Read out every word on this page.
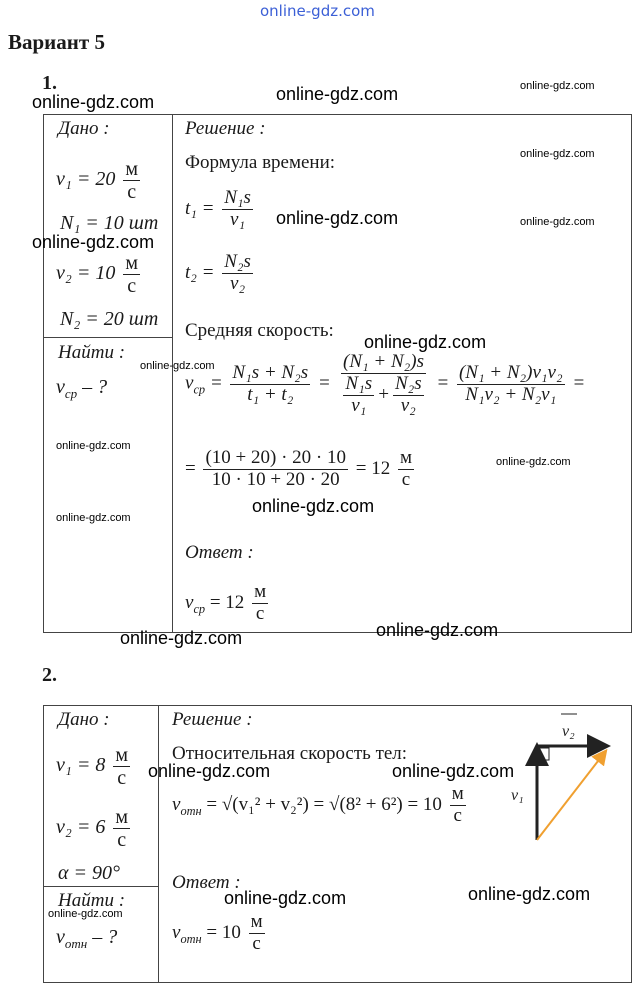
online-gdz.com
Вариант 5
1.
Дано :
$v_1 = 20 \frac{м}{с}$
N₁ = 10 шт
$v_2 = 10 \frac{м}{с}$
N₂ = 20 шт
Найти :
$v_{ср}$ – ?
Решение :
Формула времени:
$t_1 = \frac{\text{N₁s}}{\text{v₁}}$
$t_2 = \frac{\text{N₂s}}{\text{v₂}}$
Средняя скорость:
$v_{ср} = \frac{\text{N₁s + N₂s}}{\text{t₁ + t₂}} = \frac{\text{(N₁ + N₂)s}}{\frac{\text{N₁s}}{\text{v₁}} + \frac{\text{N₂s}}{\text{v₂}}} = \frac{\text{(N₁ + N₂)v₁v₂}}{\text{N₁v₂ + N₂v₁}}$ =
= $\frac{(10 + 20) \cdot 20 \cdot 10}{10 \cdot 10 + 20 \cdot 20} = 12 \frac{м}{с}$
Ответ :
$v_{ср} = 12 \frac{м}{с}$
2.
Дано :
$v_1 = 8 \frac{м}{с}$
$v_2 = 6 \frac{м}{с}$
α = 90°
Найти :
$v_{отн}$ – ?
Решение :
Относительная скорость тел:
$v_{отн} = √(v_1^2 + v_2^2) = √(8^2 + 6^2) = 10 \frac{м}{с}$
Ответ :
$v_{отн} = 10 \frac{м}{с}$
v₂
v₁
online-gdz.com	online-gdz.com	online-gdz.com
online-gdz.com
online-gdz.com	online-gdz.com
online-gdz.com
online-gdz.com
online-gdz.com
online-gdz.com
online-gdz.com
online-gdz.com
online-gdz.com
online-gdz.com
online-gdz.com
online-gdz.com	online-gdz.com
online-gdz.com
online-gdz.com
online-gdz.com
